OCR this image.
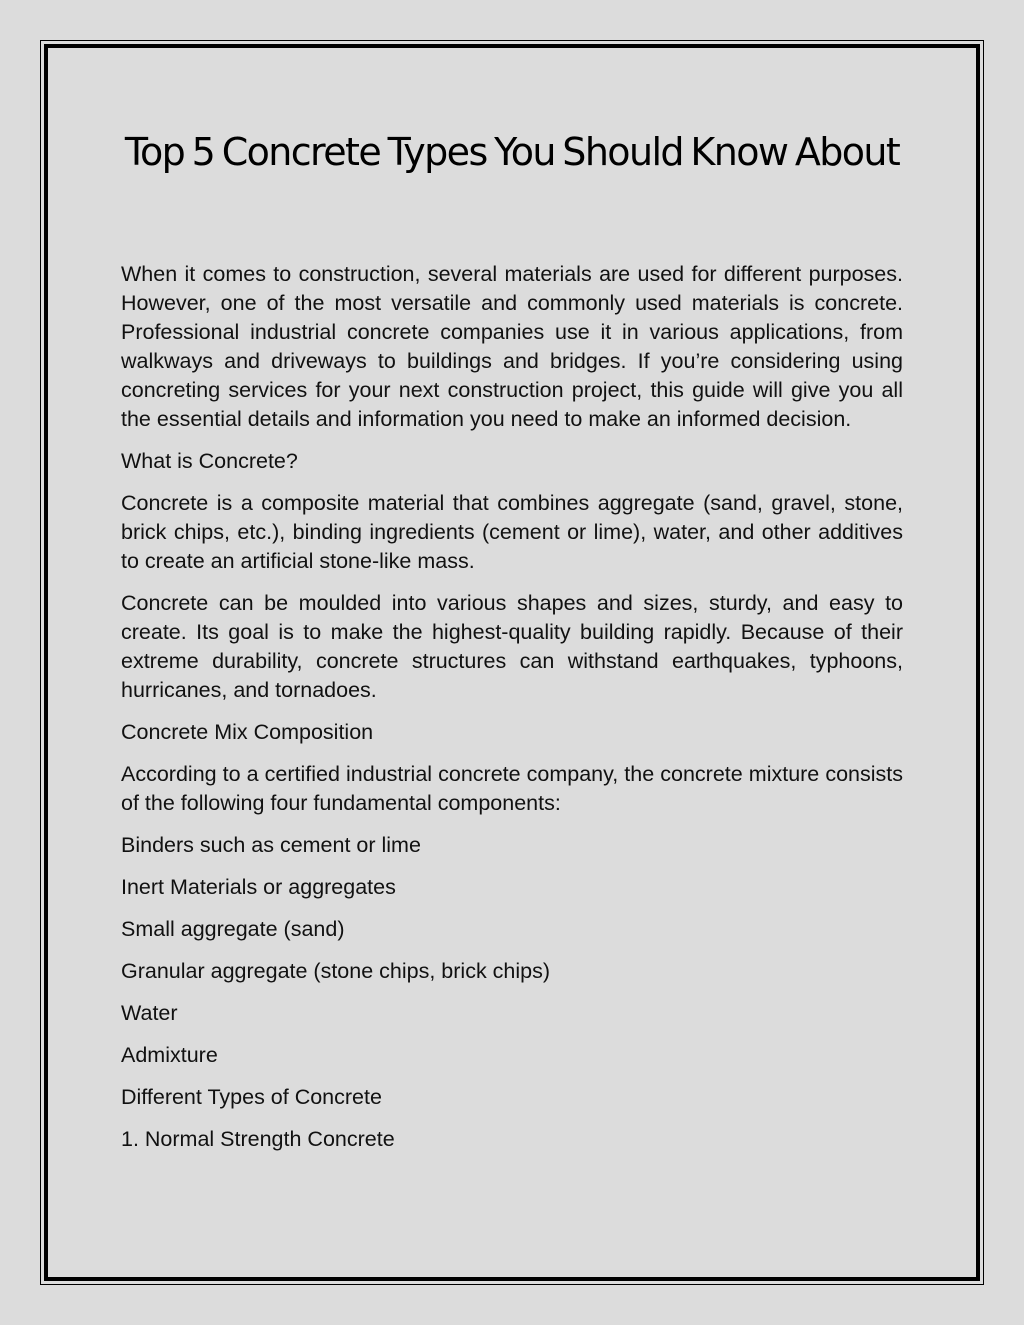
Top 5 Concrete Types You Should Know About

When it comes to construction, several materials are used for different purposes. However, one of the most versatile and commonly used materials is concrete. Professional industrial concrete companies use it in various applications, from walkways and driveways to buildings and bridges. If you’re considering using concreting services for your next construction project, this guide will give you all the essential details and information you need to make an informed decision.

What is Concrete?

Concrete is a composite material that combines aggregate (sand, gravel, stone, brick chips, etc.), binding ingredients (cement or lime), water, and other additives to create an artificial stone-like mass.

Concrete can be moulded into various shapes and sizes, sturdy, and easy to create. Its goal is to make the highest-quality building rapidly. Because of their extreme durability, concrete structures can withstand earthquakes, typhoons, hurricanes, and tornadoes.

Concrete Mix Composition

According to a certified industrial concrete company, the concrete mixture consists of the following four fundamental components:

Binders such as cement or lime

Inert Materials or aggregates

Small aggregate (sand)

Granular aggregate (stone chips, brick chips)

Water

Admixture

Different Types of Concrete

1. Normal Strength Concrete
